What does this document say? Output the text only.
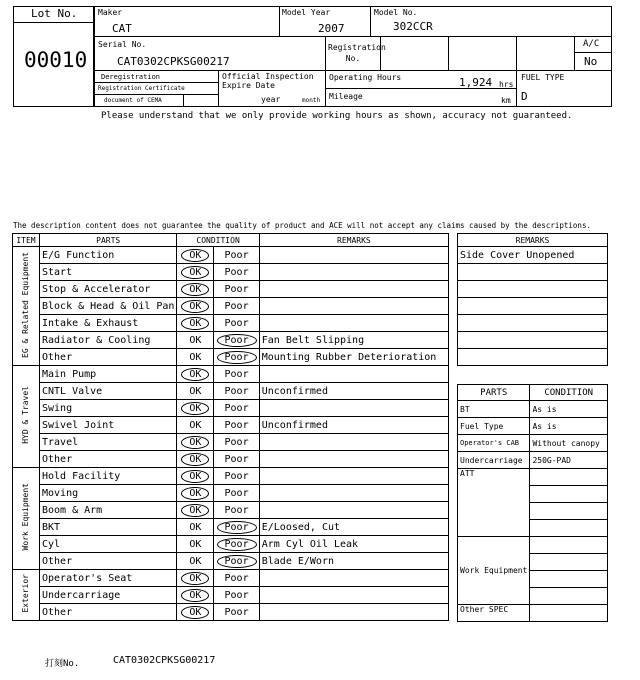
Lot No.
00010
Maker
CAT
Model Year
2007
Model No.
302CCR
Serial No.
CAT0302CPKSG00217
Registration No.
A/C
No
Deregistration
Registration Certificate
document of CEMA
Official Inspection Expire Date
year	month
Operating Hours	1,924 hrs
Mileage	km
FUEL TYPE
D
Please understand that we only provide working hours as shown, accuracy not guaranteed.
The description content does not guarantee the quality of product and ACE will not accept any claims caused by the descriptions.
ITEM	PARTS	CONDITION		REMARKS
EG & Related Equipment	E/G Function	OK	Poor	
	Start	OK	Poor	
	Stop & Accelerator	OK	Poor	
	Block & Head & Oil Pan	OK	Poor	
	Intake & Exhaust	OK	Poor	
	Radiator & Cooling	OK	Poor	Fan Belt Slipping
	Other	OK	Poor	Mounting Rubber Deterioration
HYD & Travel	Main Pump	OK	Poor	
	CNTL Valve	OK	Poor	Unconfirmed
	Swing	OK	Poor	
	Swivel Joint	OK	Poor	Unconfirmed
	Travel	OK	Poor	
	Other	OK	Poor	
Work Equipment	Hold Facility	OK	Poor	
	Moving	OK	Poor	
	Boom & Arm	OK	Poor	
	BKT	OK	Poor	E/Loosed, Cut
	Cyl	OK	Poor	Arm Cyl Oil Leak
	Other	OK	Poor	Blade E/Worn
Exterior	Operator's Seat	OK	Poor	
	Undercarriage	OK	Poor	
	Other	OK	Poor	
REMARKS
Side Cover Unopened

PARTS	CONDITION
BT	As is
Fuel Type	As is
Operator's CAB	Without canopy
Undercarriage	250G-PAD
ATT	

Work Equipment	

Other SPEC	
打刻No.	CAT0302CPKSG00217
